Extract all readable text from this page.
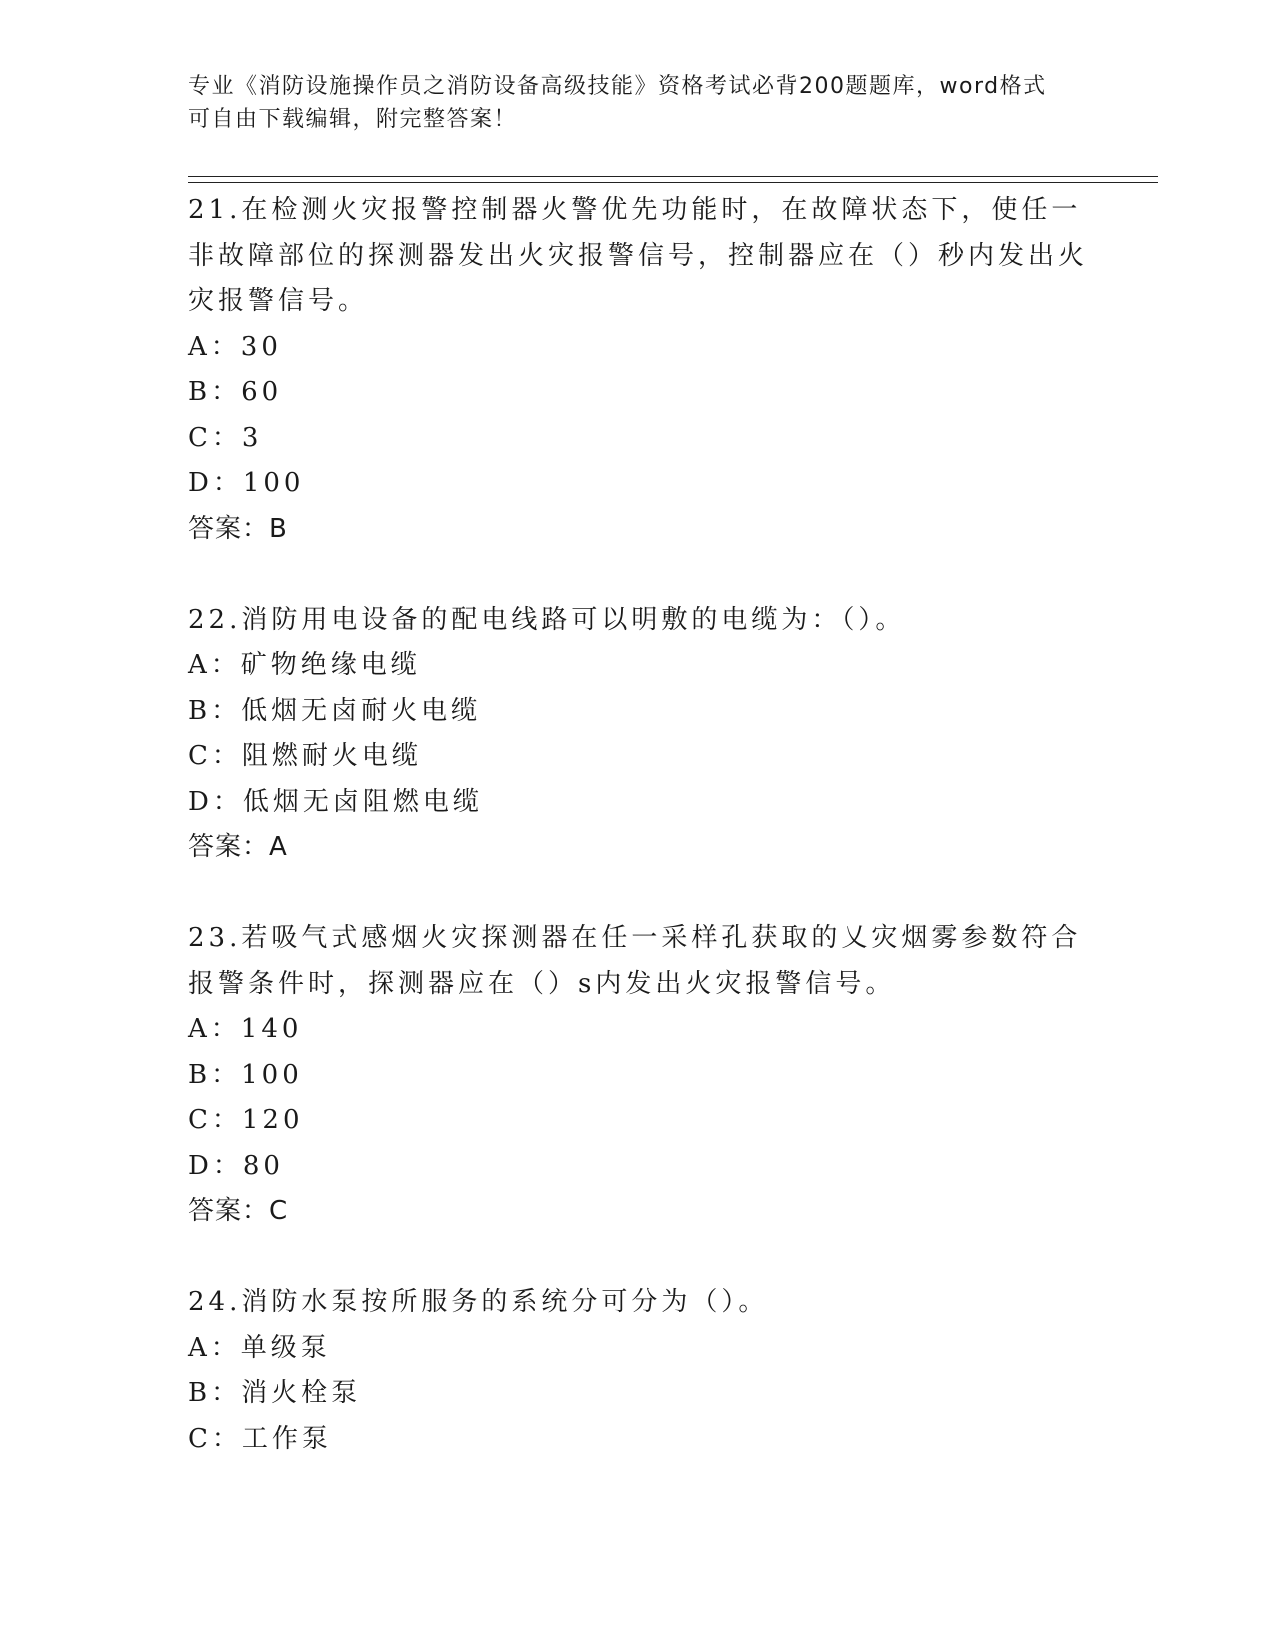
专业《消防设施操作员之消防设备高级技能》资格考试必背200题题库，word格式可自由下载编辑，附完整答案！
21.在检测火灾报警控制器火警优先功能时，在故障状态下，使任一非故障部位的探测器发出火灾报警信号，控制器应在（）秒内发出火灾报警信号。
A：30
B：60
C：3
D：100
答案：B
22.消防用电设备的配电线路可以明敷的电缆为：（）。
A：矿物绝缘电缆
B：低烟无卤耐火电缆
C：阻燃耐火电缆
D：低烟无卤阻燃电缆
答案：A
23.若吸气式感烟火灾探测器在任一采样孔获取的乂灾烟雾参数符合报警条件时，探测器应在（）s内发出火灾报警信号。
A：140
B：100
C：120
D：80
答案：C
24.消防水泵按所服务的系统分可分为（）。
A：单级泵
B：消火栓泵
C：工作泵
